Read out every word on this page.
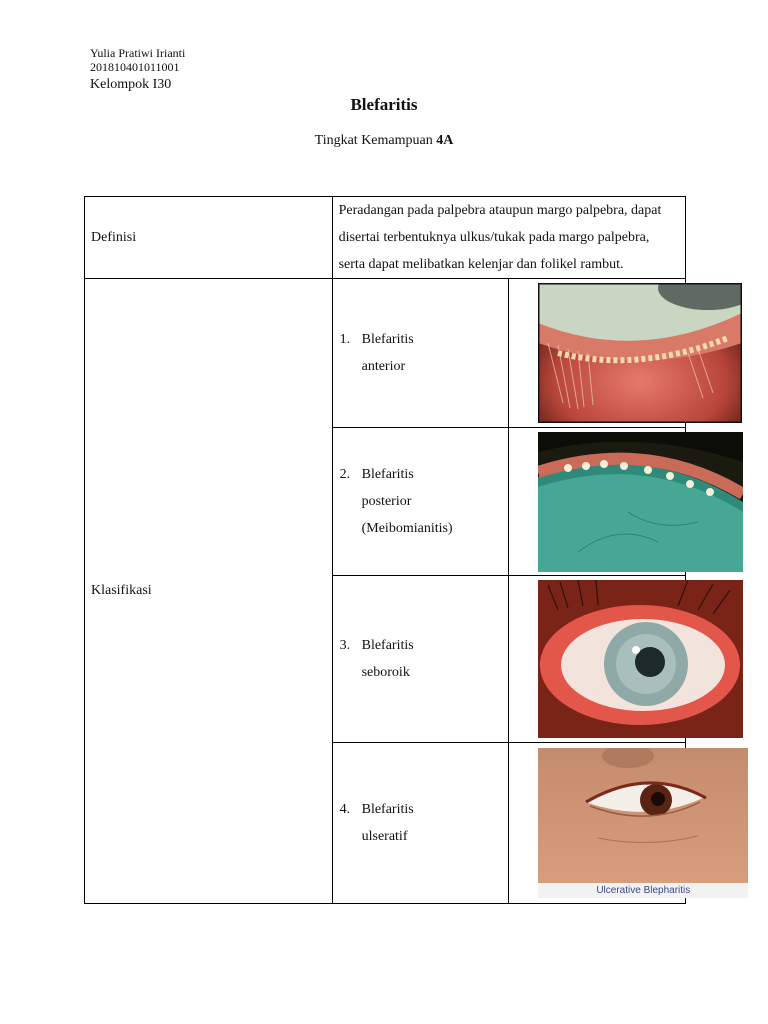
Yulia Pratiwi Irianti
201810401011001
Kelompok I30
Blefaritis
Tingkat Kemampuan 4A
Definisi	Peradangan pada palpebra ataupun margo palpebra, dapat disertai terbentuknya ulkus/tukak pada margo palpebra, serta dapat melibatkan kelenjar dan folikel rambut.	

Klasifikasi	1. Blefaritis
anterior

	2. Blefaritis
posterior
(Meibomianitis)

	3. Blefaritis
seboroik

	4. Blefaritis
ulseratif	Ulcerative Blepharitis
